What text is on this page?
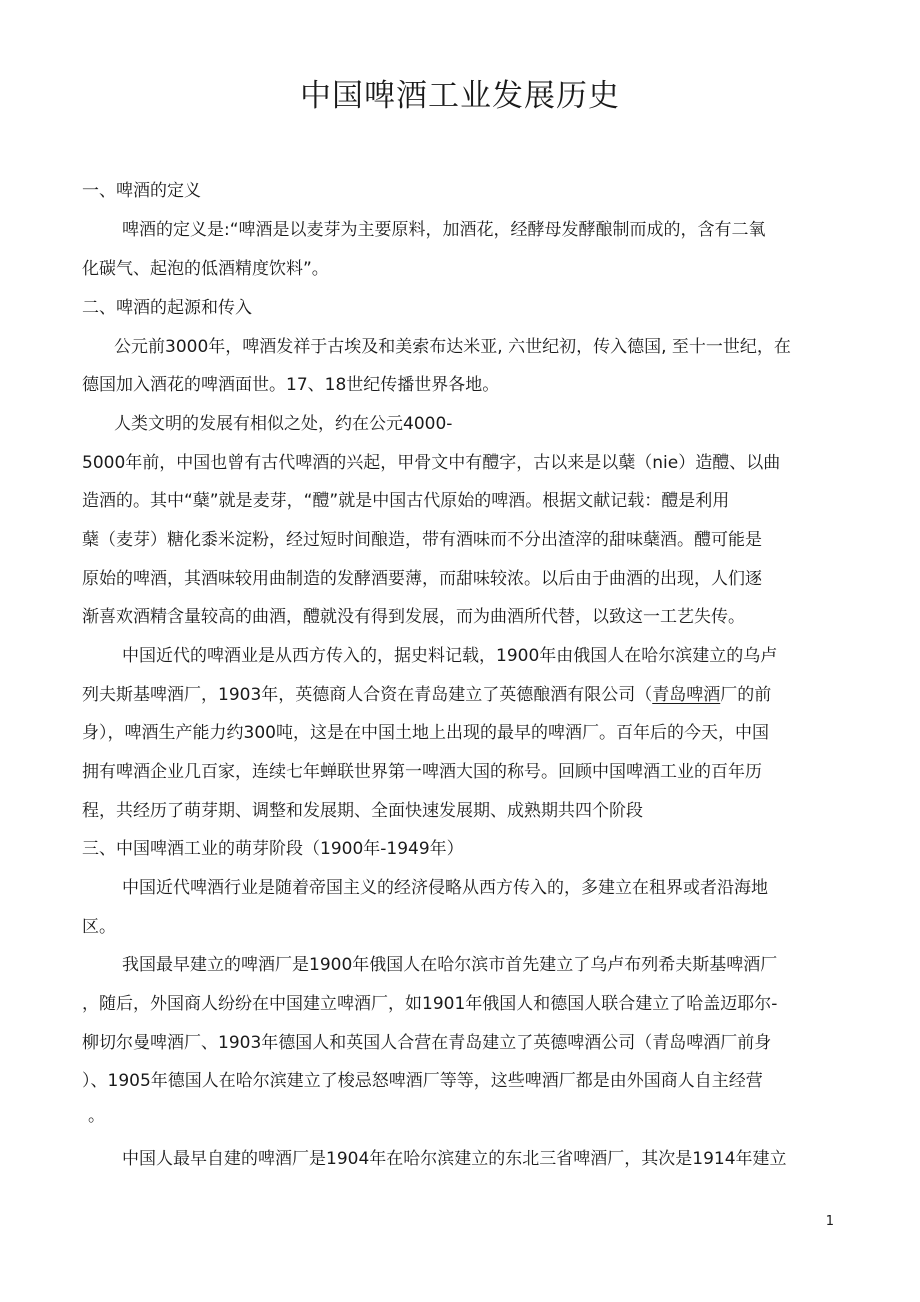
中国啤酒工业发展历史

一、啤酒的定义

啤酒的定义是:“啤酒是以麦芽为主要原料，加酒花，经酵母发酵酿制而成的，含有二氧

化碳气、起泡的低酒精度饮料”。

二、啤酒的起源和传入

公元前3000年，啤酒发祥于古埃及和美索布达米亚, 六世纪初，传入德国, 至十一世纪，在

德国加入酒花的啤酒面世。17、18世纪传播世界各地。

人类文明的发展有相似之处，约在公元4000-

5000年前，中国也曾有古代啤酒的兴起，甲骨文中有醴字，古以来是以蘖（nie）造醴、以曲

造酒的。其中“蘖”就是麦芽，“醴”就是中国古代原始的啤酒。根据文献记载：醴是利用

蘖（麦芽）糖化黍米淀粉，经过短时间酿造，带有酒味而不分出渣滓的甜味蘖酒。醴可能是

原始的啤酒，其酒味较用曲制造的发酵酒要薄，而甜味较浓。以后由于曲酒的出现，人们逐

渐喜欢酒精含量较高的曲酒，醴就没有得到发展，而为曲酒所代替，以致这一工艺失传。

中国近代的啤酒业是从西方传入的，据史料记载，1900年由俄国人在哈尔滨建立的乌卢

列夫斯基啤酒厂，1903年，英德商人合资在青岛建立了英德酿酒有限公司（青岛啤酒厂的前

身），啤酒生产能力约300吨，这是在中国土地上出现的最早的啤酒厂。百年后的今天，中国

拥有啤酒企业几百家，连续七年蝉联世界第一啤酒大国的称号。回顾中国啤酒工业的百年历

程，共经历了萌芽期、调整和发展期、全面快速发展期、成熟期共四个阶段

三、中国啤酒工业的萌芽阶段（1900年-1949年）

中国近代啤酒行业是随着帝国主义的经济侵略从西方传入的，多建立在租界或者沿海地

区。

我国最早建立的啤酒厂是1900年俄国人在哈尔滨市首先建立了乌卢布列希夫斯基啤酒厂

，随后，外国商人纷纷在中国建立啤酒厂，如1901年俄国人和德国人联合建立了哈盖迈耶尔-

柳切尔曼啤酒厂、1903年德国人和英国人合营在青岛建立了英德啤酒公司（青岛啤酒厂前身

）、1905年德国人在哈尔滨建立了梭忌怒啤酒厂等等，这些啤酒厂都是由外国商人自主经营

。

中国人最早自建的啤酒厂是1904年在哈尔滨建立的东北三省啤酒厂，其次是1914年建立

1
